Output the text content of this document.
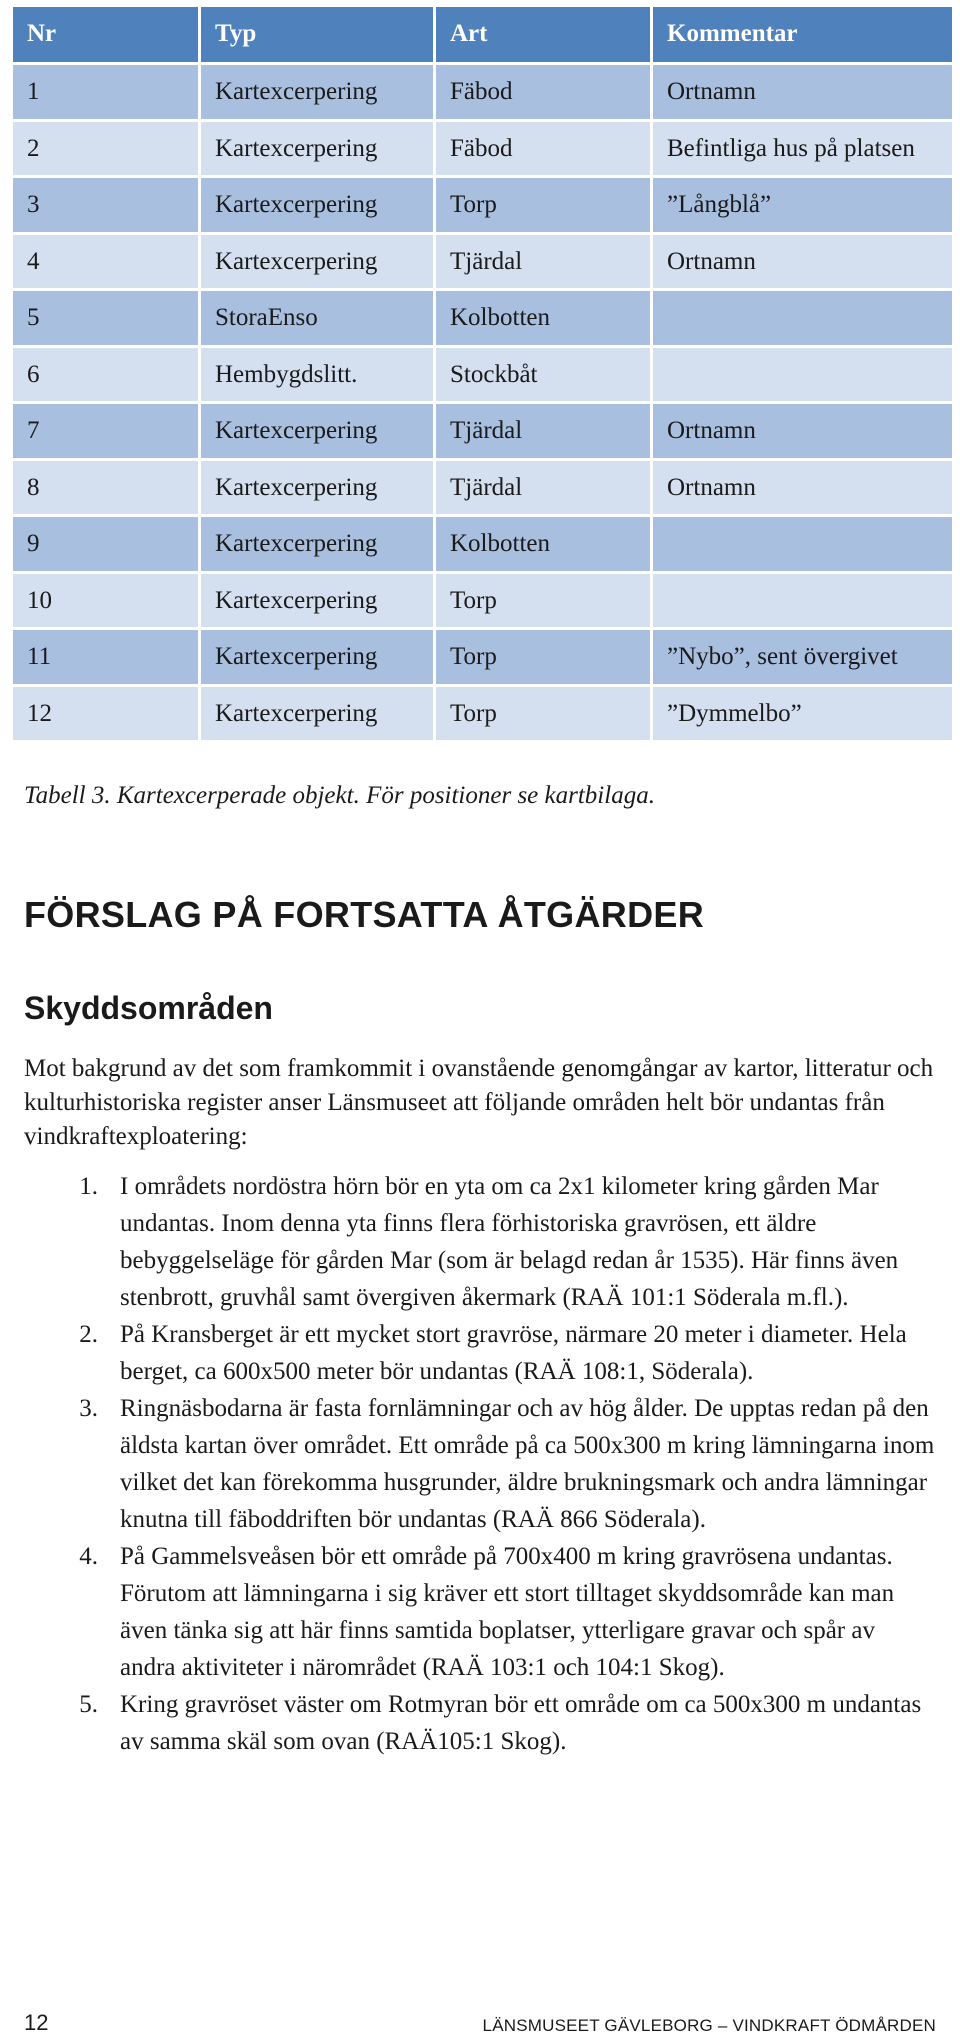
Nr	Typ	Art	Kommentar
1	Kartexcerpering	Fäbod	Ortnamn
2	Kartexcerpering	Fäbod	Befintliga hus på platsen
3	Kartexcerpering	Torp	”Långblå”
4	Kartexcerpering	Tjärdal	Ortnamn
5	StoraEnso	Kolbotten	
6	Hembygdslitt.	Stockbåt	
7	Kartexcerpering	Tjärdal	Ortnamn
8	Kartexcerpering	Tjärdal	Ortnamn
9	Kartexcerpering	Kolbotten	
10	Kartexcerpering	Torp	
11	Kartexcerpering	Torp	”Nybo”, sent övergivet
12	Kartexcerpering	Torp	”Dymmelbo”

Tabell 3. Kartexcerperade objekt. För positioner se kartbilaga.

FÖRSLAG PÅ FORTSATTA ÅTGÄRDER
Skyddsområden

Mot bakgrund av det som framkommit i ovanstående genomgångar av kartor, litteratur och kulturhistoriska register anser Länsmuseet att följande områden helt bör undantas från vindkraftexploatering:

1. I områdets nordöstra hörn bör en yta om ca 2x1 kilometer kring gården Mar undantas. Inom denna yta finns flera förhistoriska gravrösen, ett äldre bebyggelseläge för gården Mar (som är belagd redan år 1535). Här finns även stenbrott, gruvhål samt övergiven åkermark (RAÄ 101:1 Söderala m.fl.).
2. På Kransberget är ett mycket stort gravröse, närmare 20 meter i diameter. Hela berget, ca 600x500 meter bör undantas (RAÄ 108:1, Söderala).
3. Ringnäsbodarna är fasta fornlämningar och av hög ålder. De upptas redan på den äldsta kartan över området. Ett område på ca 500x300 m kring lämningarna inom vilket det kan förekomma husgrunder, äldre brukningsmark och andra lämningar knutna till fäboddriften bör undantas (RAÄ 866 Söderala).
4. På Gammelsveåsen bör ett område på 700x400 m kring gravrösena undantas. Förutom att lämningarna i sig kräver ett stort tilltaget skyddsområde kan man även tänka sig att här finns samtida boplatser, ytterligare gravar och spår av andra aktiviteter i närområdet (RAÄ 103:1 och 104:1 Skog).
5. Kring gravröset väster om Rotmyran bör ett område om ca 500x300 m undantas av samma skäl som ovan (RAÄ105:1 Skog).

12	LÄNSMUSEET GÄVLEBORG – VINDKRAFT ÖDMÅRDEN
